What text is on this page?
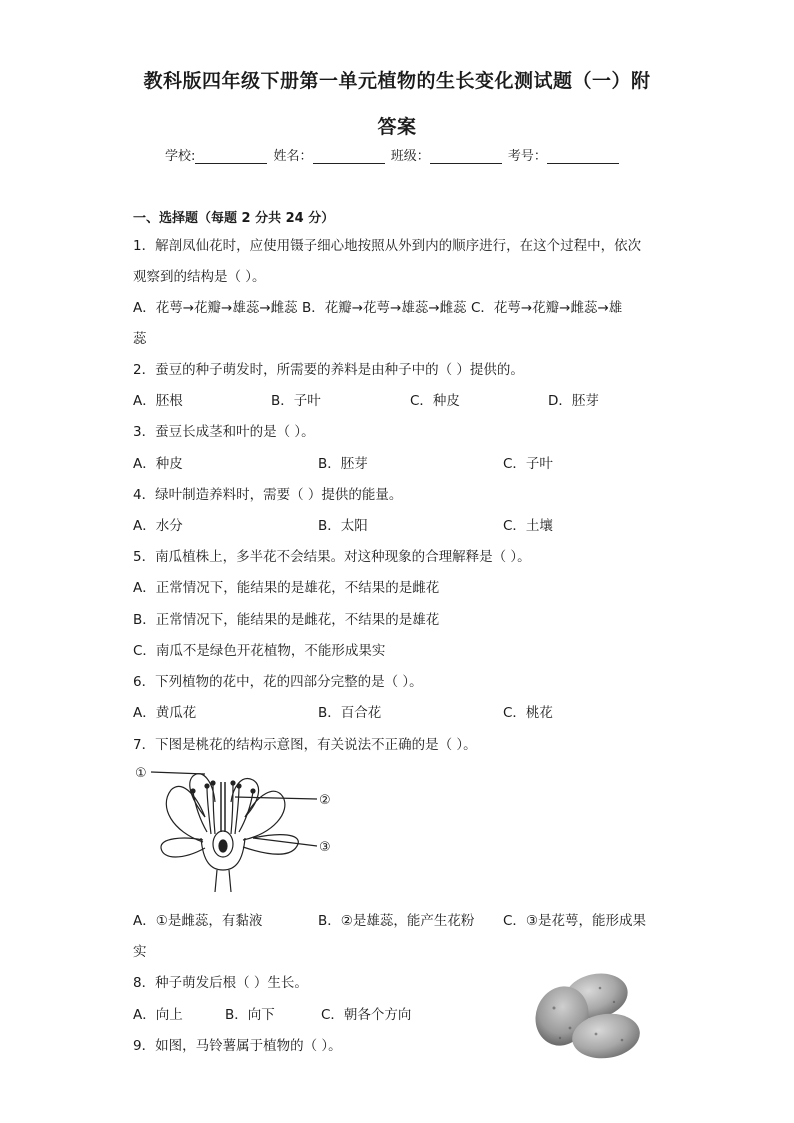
教科版四年级下册第一单元植物的生长变化测试题（一）附
答案
学校:	姓名：	班级：	考号：
一、选择题（每题 2 分共 24 分）
1．解剖凤仙花时，应使用镊子细心地按照从外到内的顺序进行，在这个过程中，依次
观察到的结构是（ ）。
A．花萼→花瓣→雄蕊→雌蕊 B．花瓣→花萼→雄蕊→雌蕊 C．花萼→花瓣→雌蕊→雄
蕊
2．蚕豆的种子萌发时，所需要的养料是由种子中的（ ）提供的。
A．胚根	B．子叶	C．种皮	D．胚芽
3．蚕豆长成茎和叶的是（ ）。
A．种皮	B．胚芽	C．子叶
4．绿叶制造养料时，需要（ ）提供的能量。
A．水分	B．太阳	C．土壤
5．南瓜植株上，多半花不会结果。对这种现象的合理解释是（ ）。
A．正常情况下，能结果的是雄花，不结果的是雌花
B．正常情况下，能结果的是雌花，不结果的是雄花
C．南瓜不是绿色开花植物，不能形成果实
6．下列植物的花中，花的四部分完整的是（ ）。
A．黄瓜花	B．百合花	C．桃花
7．下图是桃花的结构示意图，有关说法不正确的是（ ）。
①
②
③
A．①是雌蕊，有黏液	B．②是雄蕊，能产生花粉 C．③是花萼，能形成果
实
8．种子萌发后根（ ）生长。
A．向上	B．向下	C．朝各个方向
9．如图，马铃薯属于植物的（ ）。
